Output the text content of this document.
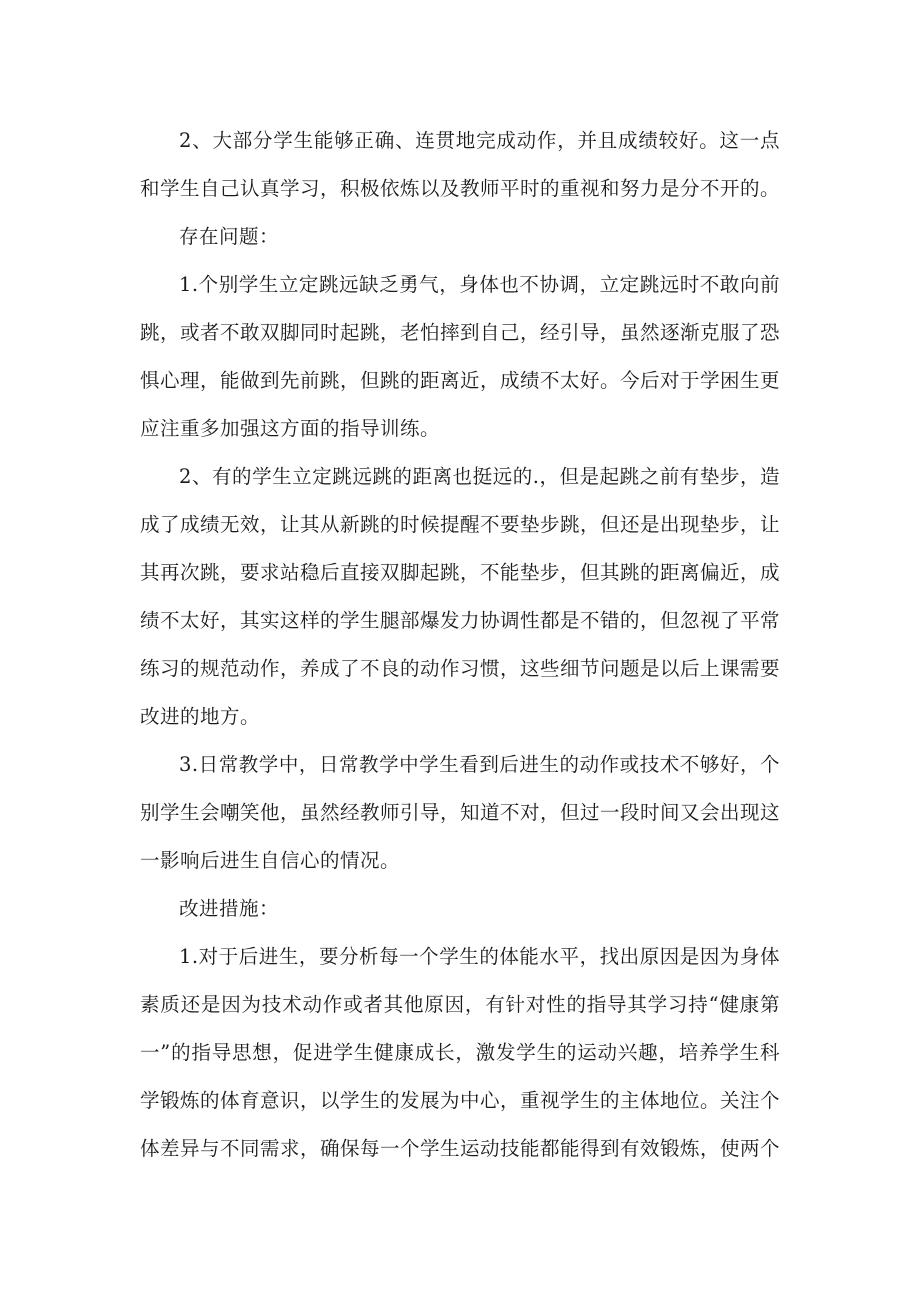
2、大部分学生能够正确、连贯地完成动作，并且成绩较好。这一点和学生自己认真学习，积极依炼以及教师平时的重视和努力是分不开的。

存在问题：

1.个别学生立定跳远缺乏勇气，身体也不协调，立定跳远时不敢向前跳，或者不敢双脚同时起跳，老怕摔到自己，经引导，虽然逐渐克服了恐惧心理，能做到先前跳，但跳的距离近，成绩不太好。今后对于学困生更应注重多加强这方面的指导训练。

2、有的学生立定跳远跳的距离也挺远的.，但是起跳之前有垫步，造成了成绩无效，让其从新跳的时候提醒不要垫步跳，但还是出现垫步，让其再次跳，要求站稳后直接双脚起跳，不能垫步，但其跳的距离偏近，成绩不太好，其实这样的学生腿部爆发力协调性都是不错的，但忽视了平常练习的规范动作，养成了不良的动作习惯，这些细节问题是以后上课需要改进的地方。

3.日常教学中，日常教学中学生看到后进生的动作或技术不够好，个别学生会嘲笑他，虽然经教师引导，知道不对，但过一段时间又会出现这一影响后进生自信心的情况。

改进措施：

1.对于后进生，要分析每一个学生的体能水平，找出原因是因为身体素质还是因为技术动作或者其他原因，有针对性的指导其学习持“健康第一”的指导思想，促进学生健康成长，激发学生的运动兴趣，培养学生科学锻炼的体育意识，以学生的发展为中心，重视学生的主体地位。关注个体差异与不同需求，确保每一个学生运动技能都能得到有效锻炼，使两个
